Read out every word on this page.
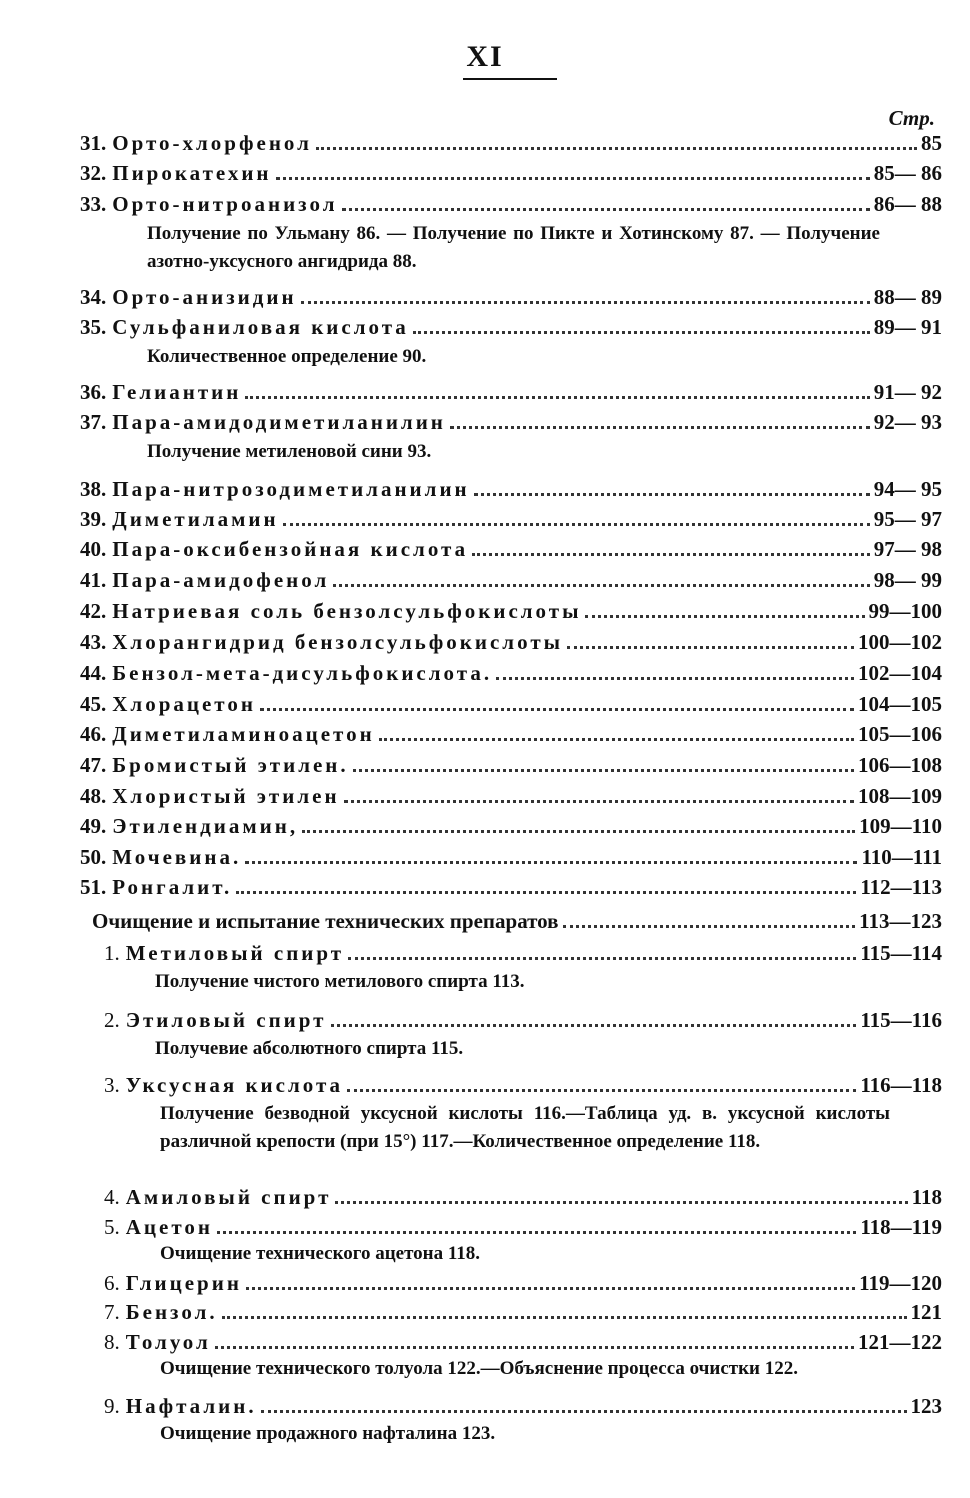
XI
Стр.
31. Орто-хлорфенол	85
32. Пирокатехин	85— 86
33. Орто-нитроанизол	86— 88
Получение по Ульману 86. — Получение по Пикте и Хотинскому 87. — Получение азотно-уксусного ангидрида 88.
34. Орто-анизидин	88— 89
35. Сульфаниловая кислота	89— 91
Количественное определение 90.
36. Гелиантин	91— 92
37. Пара-амидодиметиланилин	92— 93
Получение метиленовой сини 93.
38. Пара-нитрозодиметиланилин	94— 95
39. Диметиламин	95— 97
40. Пара-оксибензойная кислота	97— 98
41. Пара-амидофенол	98— 99
42. Натриевая соль бензолсульфокислоты	99—100
43. Хлорангидрид бензолсульфокислоты	100—102
44. Бензол-мета-дисульфокислота.	102—104
45. Хлорацетон	104—105
46. Диметиламиноацетон	105—106
47. Бромистый этилен.	106—108
48. Хлористый этилен	108—109
49. Этилендиамин,	109—110
50. Мочевина.	110—111
51. Ронгалит.	112—113
Очищение и испытание технических препаратов	113—123
1. Метиловый спирт	115—114
Получение чистого метилового спирта 113.
2. Этиловый спирт	115—116
Получевие абсолютного спирта 115.
3. Уксусная кислота	116—118
Получение безводной уксусной кислоты 116.—Таблица уд. в. уксусной кислоты различной крепости (при 15°) 117.—Количественное определение 118.
4. Амиловый спирт	118
5. Ацетон	118—119
Очищение технического ацетона 118.
6. Глицерин	119—120
7. Бензол.	121
8. Толуол	121—122
Очищение технического толуола 122.—Объяснение процесса очистки 122.
9. Нафталин.	123
Очищение продажного нафталина 123.
